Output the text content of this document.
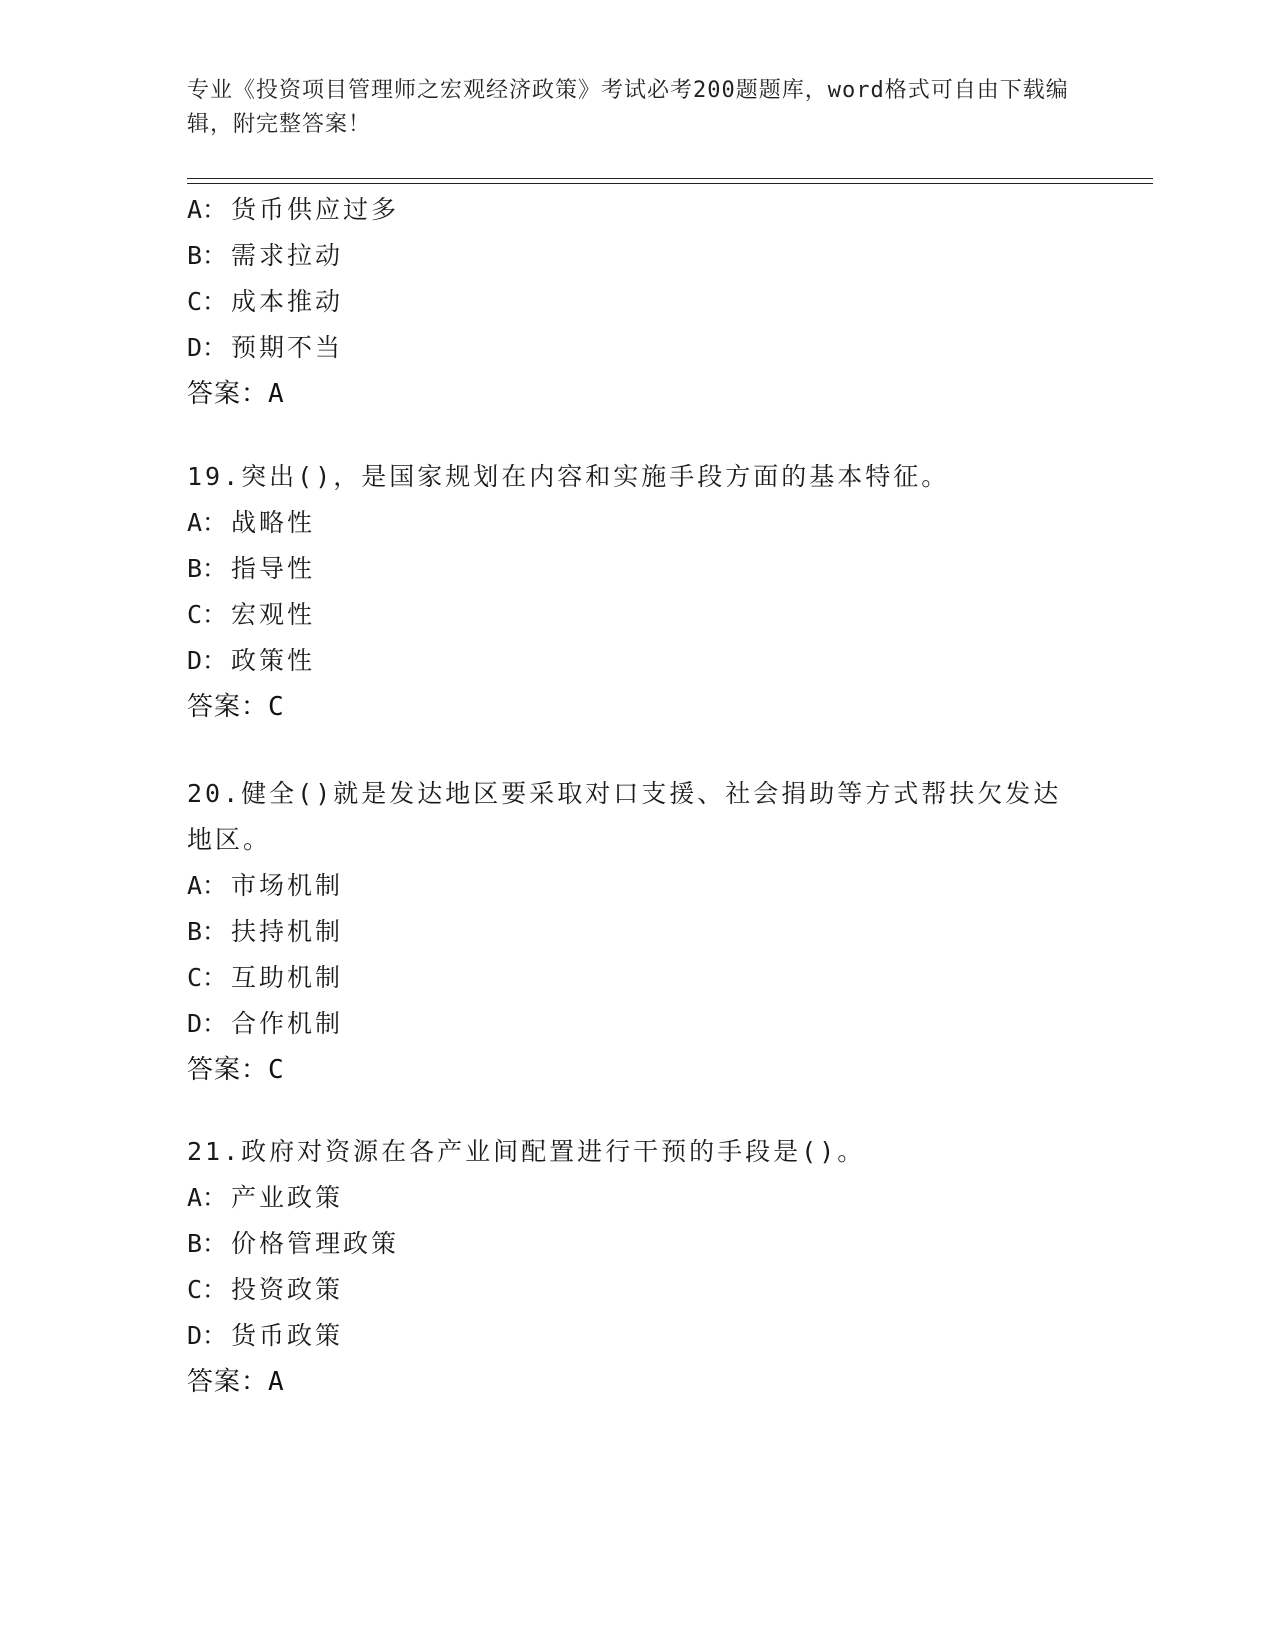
专业《投资项目管理师之宏观经济政策》考试必考200题题库，word格式可自由下载编辑，附完整答案！
A： 货币供应过多
B： 需求拉动
C： 成本推动
D： 预期不当
答案：A
19.突出()，是国家规划在内容和实施手段方面的基本特征。
A： 战略性
B： 指导性
C： 宏观性
D： 政策性
答案：C
20.健全()就是发达地区要采取对口支援、社会捐助等方式帮扶欠发达地区。
A： 市场机制
B： 扶持机制
C： 互助机制
D： 合作机制
答案：C
21.政府对资源在各产业间配置进行干预的手段是()。
A： 产业政策
B： 价格管理政策
C： 投资政策
D： 货币政策
答案：A
